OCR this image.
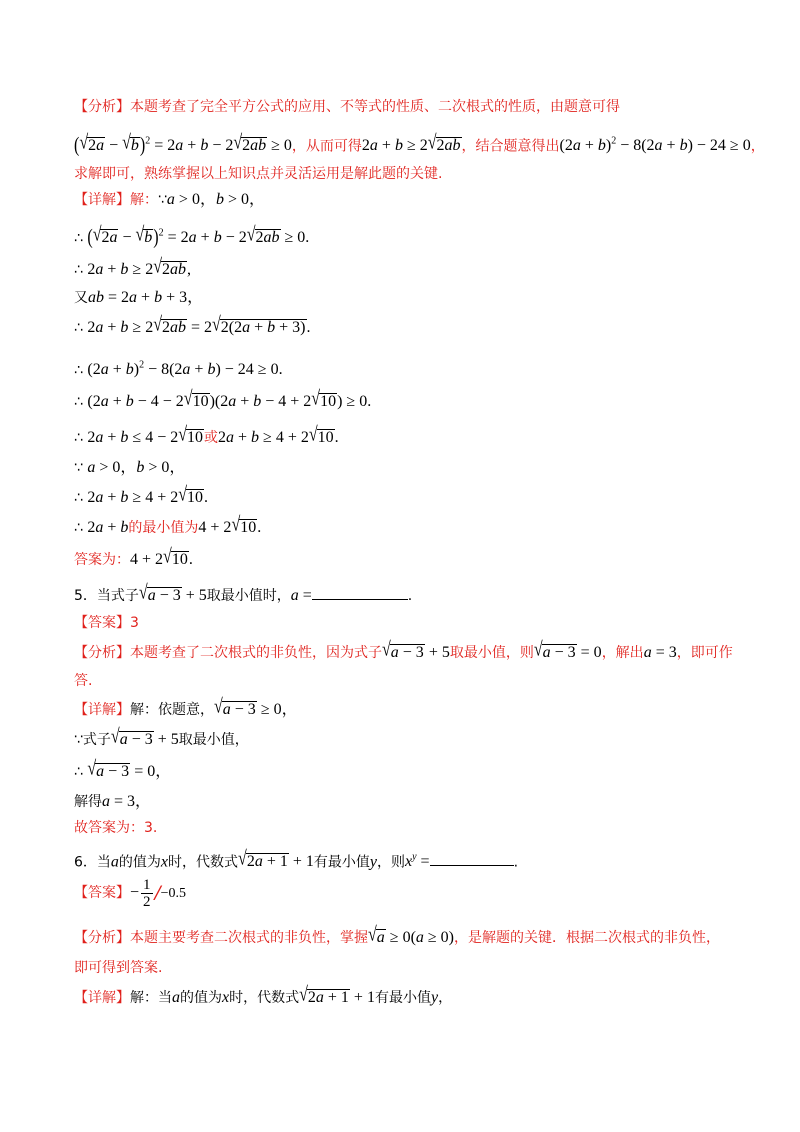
【分析】本题考查了完全平方公式的应用、不等式的性质、二次根式的性质，由题意可得
$(√2a - √b)^2 = 2a + b - 2√2ab \ge 0$，从而可得2a + b ≥ 2√2ab，结合题意得出$(2a + b)^2 - 8(2a + b) - 24 \ge 0$，
求解即可，熟练掌握以上知识点并灵活运用是解此题的关键.
【详解】解：∵a > 0，b > 0，
∴ $(√2a - √b)^2 = 2a + b - 2√2ab \ge 0$.
∴ 2a + b ≥ 2√2ab,
又ab = 2a + b + 3，
∴ 2a + b ≥ 2√2ab = 2√2(2a + b + 3).
∴ $(2a + b)^2 - 8(2a + b) - 24 \ge 0$.
∴ (2a + b − 4 − 2√10)(2a + b − 4 + 2√10) ≥ 0.
∴ 2a + b ≤ 4 − 2√10或2a + b ≥ 4 + 2√10.
∵ a > 0，b > 0，
∴ 2a + b ≥ 4 + 2√10.
∴ 2a + b的最小值为4 + 2√10.
答案为：4 + 2√10.
5．当式子√a − 3 + 5取最小值时，a =	.
【答案】3
【分析】本题考查了二次根式的非负性，因为式子√a − 3 + 5取最小值，则√a − 3 = 0，解出a = 3，即可作
答.
【详解】解：依题意，√a − 3 ≥ 0，
∵式子√a − 3 + 5取最小值，
∴ √a − 3 = 0，
解得a = 3，
故答案为：3.
6．当a的值为x时，代数式√2a + 1 + 1有最小值y，则$x^y$ =	.
【答案】− $\frac{1}{2} /-0.5$
【分析】本题主要考查二次根式的非负性，掌握√a ≥ 0(a ≥ 0)，是解题的关键．根据二次根式的非负性，
即可得到答案.
【详解】解：当a的值为x时，代数式√2a + 1 + 1有最小值y，
